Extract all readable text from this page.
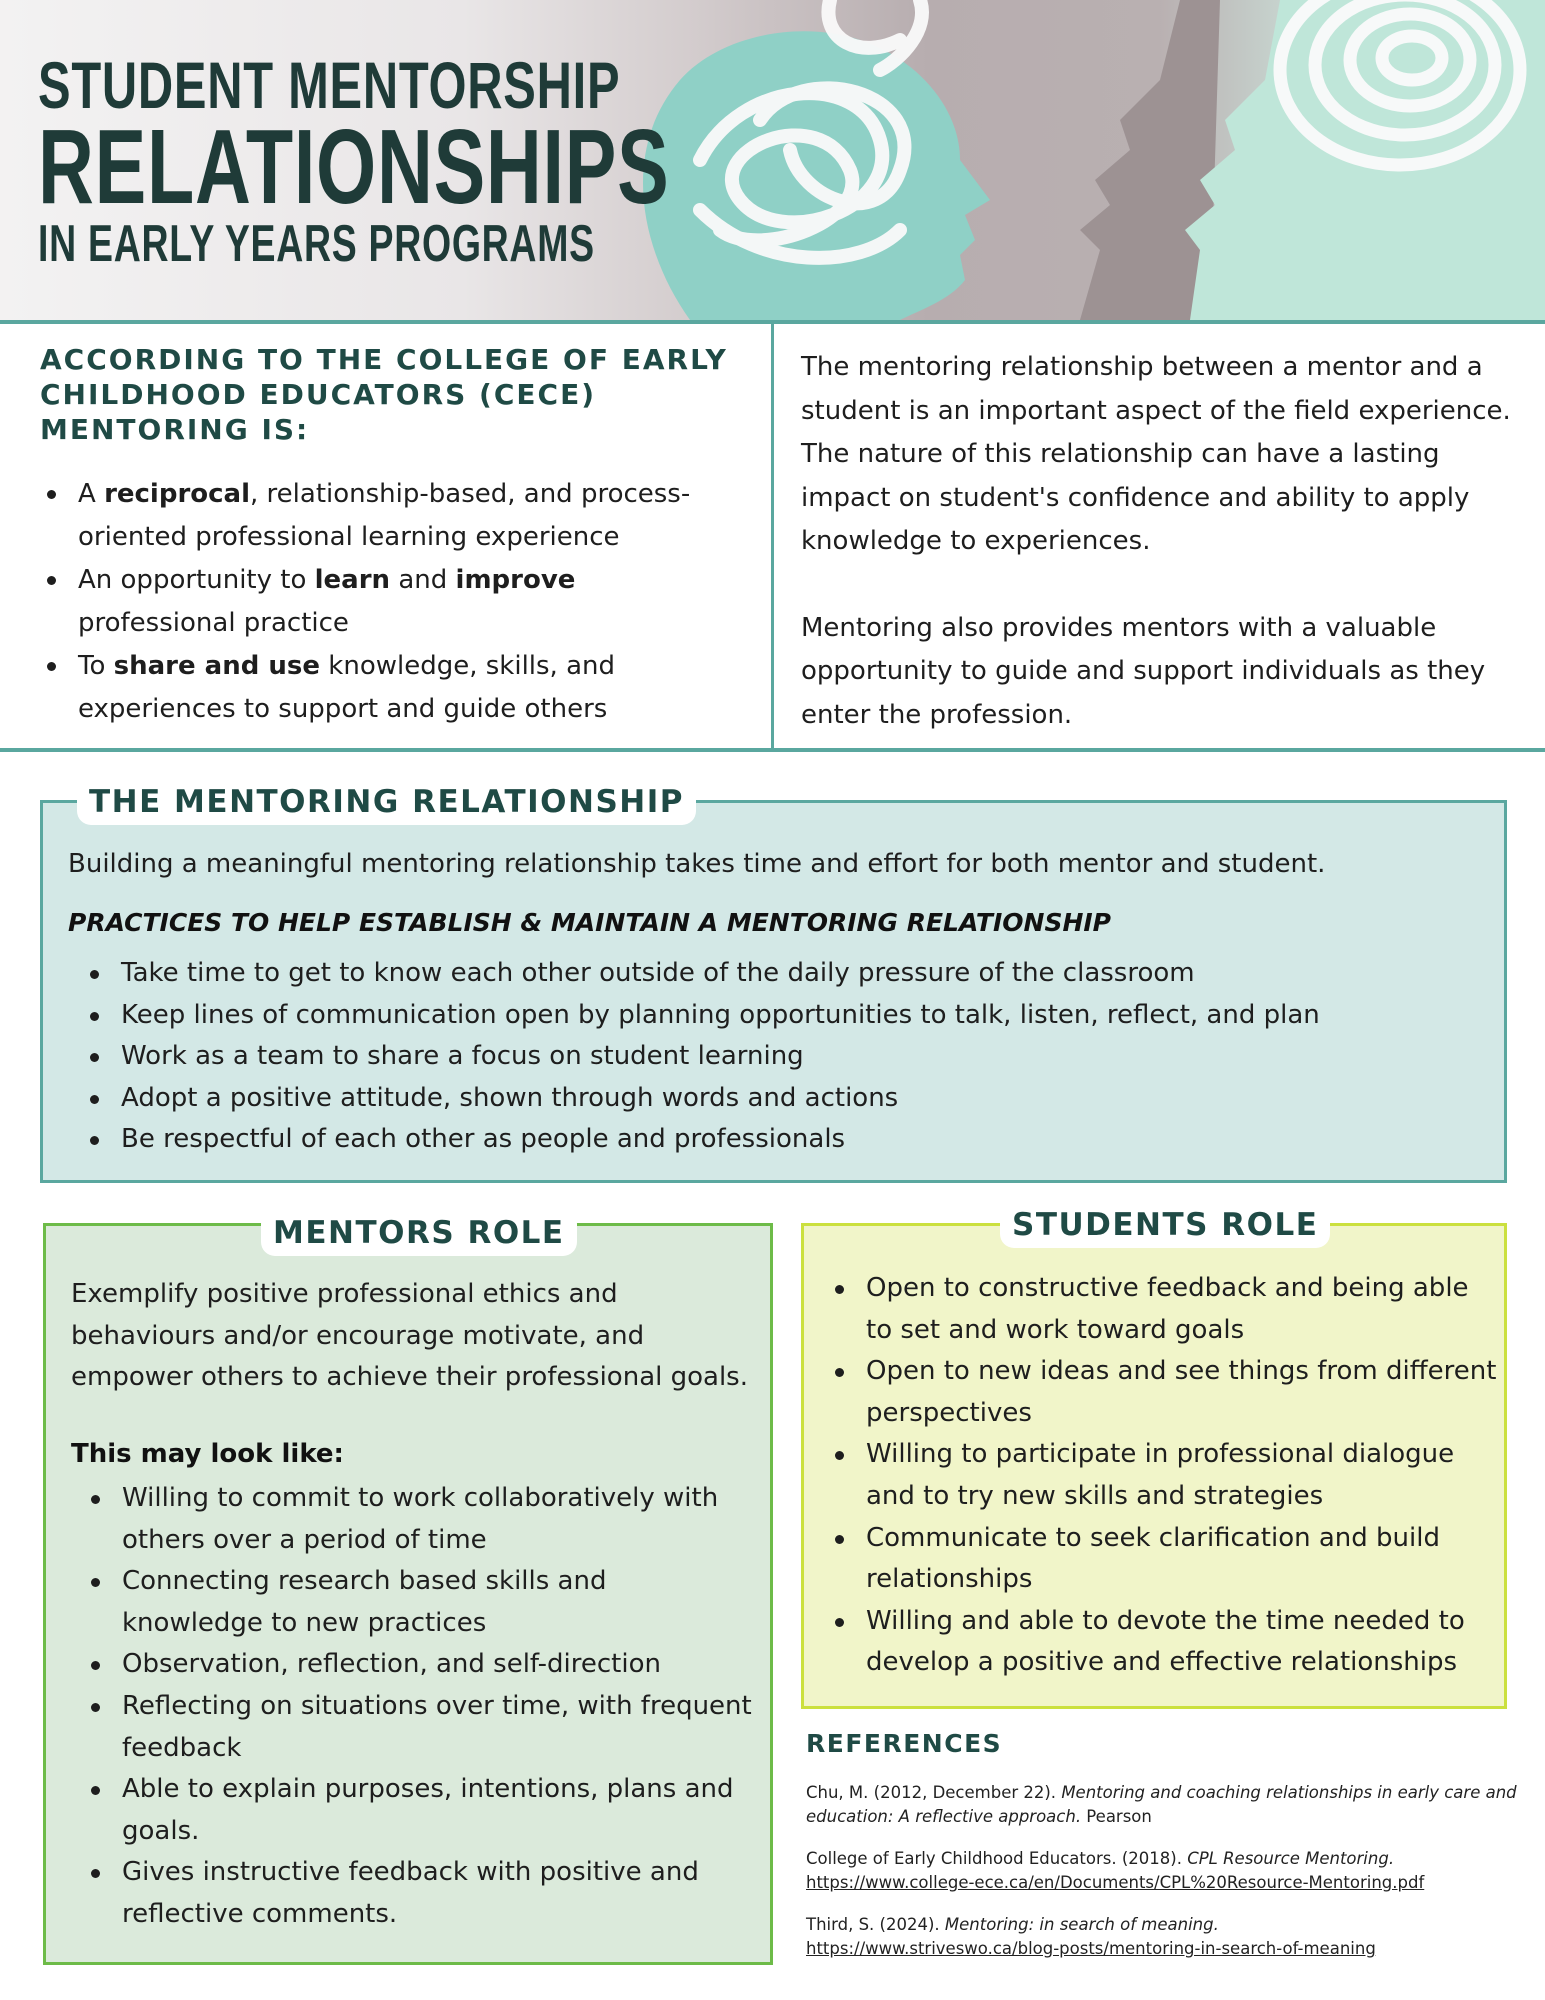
STUDENT MENTORSHIP
RELATIONSHIPS
IN EARLY YEARS PROGRAMS
ACCORDING TO THE COLLEGE OF EARLY
CHILDHOOD EDUCATORS (CECE)
MENTORING IS:
A reciprocal, relationship-based, and process-oriented professional learning experience
An opportunity to learn and improve professional practice
To share and use knowledge, skills, and experiences to support and guide others

The mentoring relationship between a mentor and a student is an important aspect of the field experience. The nature of this relationship can have a lasting impact on student's confidence and ability to apply knowledge to experiences.

Mentoring also provides mentors with a valuable opportunity to guide and support individuals as they enter the profession.

THE MENTORING RELATIONSHIP
Building a meaningful mentoring relationship takes time and effort for both mentor and student.
PRACTICES TO HELP ESTABLISH & MAINTAIN A MENTORING RELATIONSHIP
Take time to get to know each other outside of the daily pressure of the classroom
Keep lines of communication open by planning opportunities to talk, listen, reflect, and plan
Work as a team to share a focus on student learning
Adopt a positive attitude, shown through words and actions
Be respectful of each other as people and professionals
MENTORS ROLE
Exemplify positive professional ethics and behaviours and/or encourage motivate, and empower others to achieve their professional goals.
This may look like:
Willing to commit to work collaboratively with others over a period of time
Connecting research based skills and knowledge to new practices
Observation, reflection, and self-direction
Reflecting on situations over time, with frequent feedback
Able to explain purposes, intentions, plans and goals.
Gives instructive feedback with positive and reflective comments.
STUDENTS ROLE
Open to constructive feedback and being able to set and work toward goals
Open to new ideas and see things from different perspectives
Willing to participate in professional dialogue and to try new skills and strategies
Communicate to seek clarification and build relationships
Willing and able to devote the time needed to develop a positive and effective relationships
REFERENCES
Chu, M. (2012, December 22). Mentoring and coaching relationships in early care and education: A reflective approach. Pearson
College of Early Childhood Educators. (2018). CPL Resource Mentoring.
https://www.college-ece.ca/en/Documents/CPL%20Resource-Mentoring.pdf
Third, S. (2024). Mentoring: in search of meaning.
https://www.striveswo.ca/blog-posts/mentoring-in-search-of-meaning
